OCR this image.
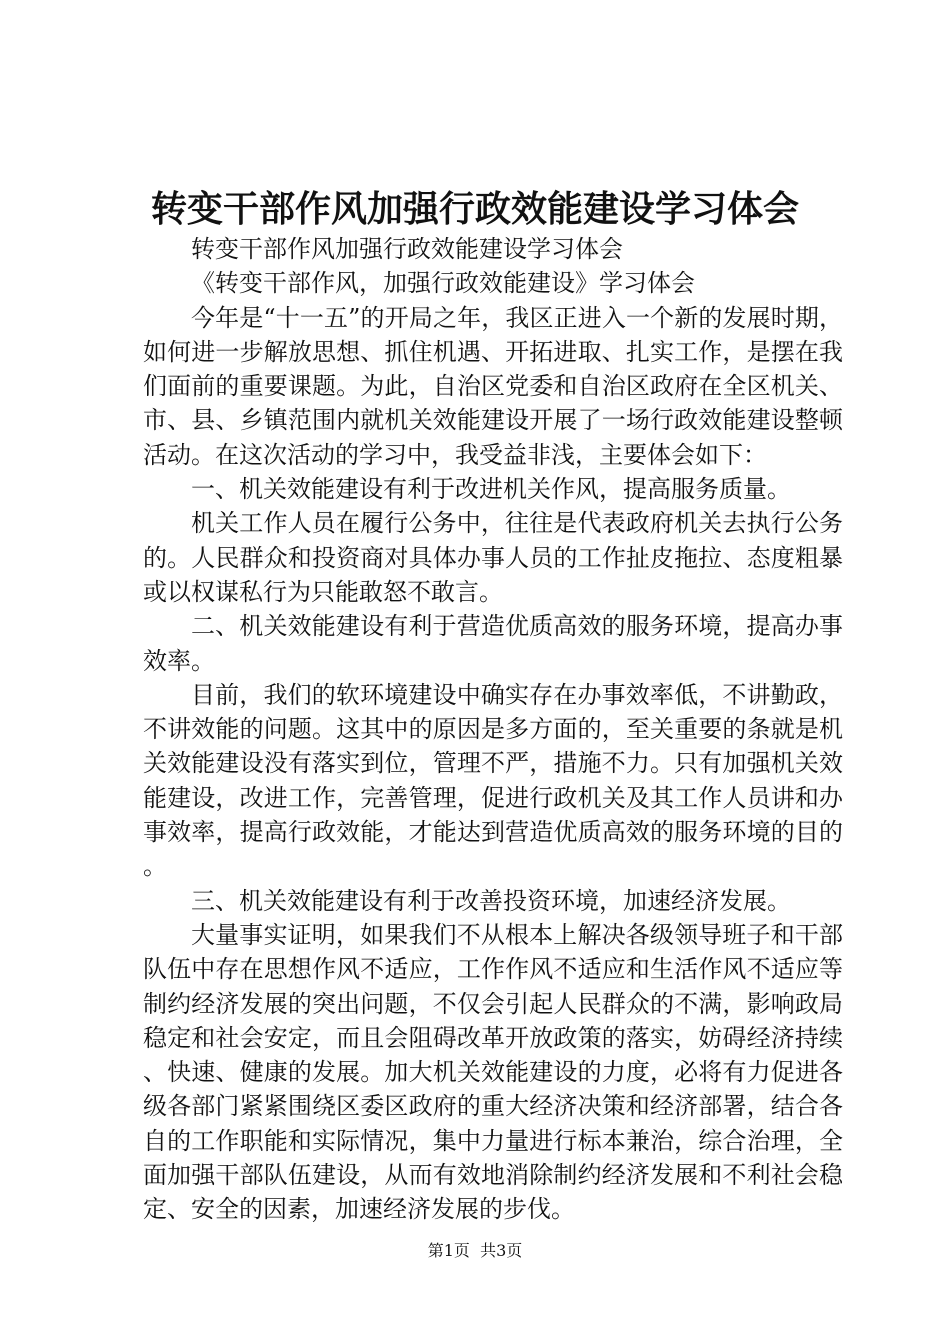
转变干部作风加强行政效能建设学习体会

转变干部作风加强行政效能建设学习体会

《转变干部作风，加强行政效能建设》学习体会

今年是“十一五”的开局之年，我区正进入一个新的发展时期，如何进一步解放思想、抓住机遇、开拓进取、扎实工作，是摆在我们面前的重要课题。为此，自治区党委和自治区政府在全区机关、市、县、乡镇范围内就机关效能建设开展了一场行政效能建设整顿活动。在这次活动的学习中，我受益非浅，主要体会如下：

一、机关效能建设有利于改进机关作风，提高服务质量。

机关工作人员在履行公务中，往往是代表政府机关去执行公务的。人民群众和投资商对具体办事人员的工作扯皮拖拉、态度粗暴或以权谋私行为只能敢怒不敢言。

二、机关效能建设有利于营造优质高效的服务环境，提高办事效率。

目前，我们的软环境建设中确实存在办事效率低，不讲勤政，不讲效能的问题。这其中的原因是多方面的，至关重要的条就是机关效能建设没有落实到位，管理不严，措施不力。只有加强机关效能建设，改进工作，完善管理，促进行政机关及其工作人员讲和办事效率，提高行政效能，才能达到营造优质高效的服务环境的目的。

三、机关效能建设有利于改善投资环境，加速经济发展。

大量事实证明，如果我们不从根本上解决各级领导班子和干部队伍中存在思想作风不适应，工作作风不适应和生活作风不适应等制约经济发展的突出问题，不仅会引起人民群众的不满，影响政局稳定和社会安定，而且会阻碍改革开放政策的落实，妨碍经济持续、快速、健康的发展。加大机关效能建设的力度，必将有力促进各级各部门紧紧围绕区委区政府的重大经济决策和经济部署，结合各自的工作职能和实际情况，集中力量进行标本兼治，综合治理，全面加强干部队伍建设，从而有效地消除制约经济发展和不利社会稳定、安全的因素，加速经济发展的步伐。

第1页  共3页
